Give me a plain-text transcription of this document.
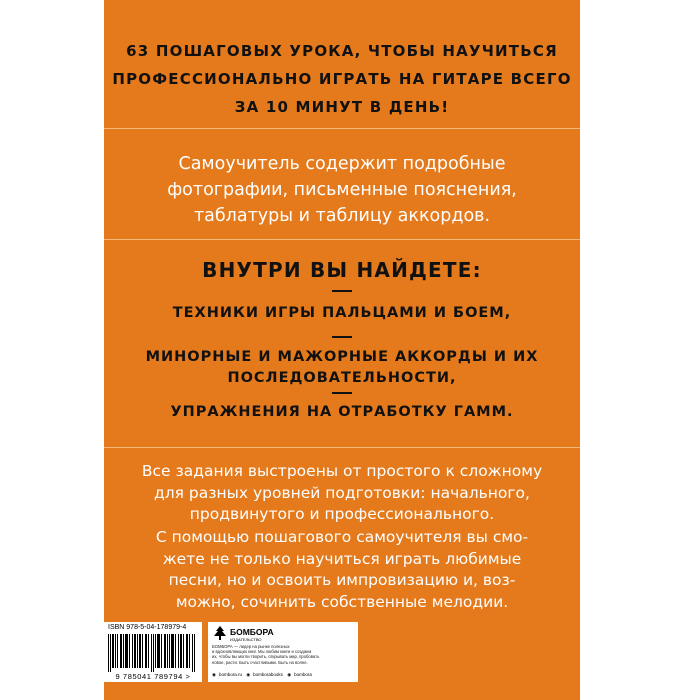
63 ПОШАГОВЫХ УРОКА, ЧТОБЫ НАУЧИТЬСЯ
ПРОФЕССИОНАЛЬНО ИГРАТЬ НА ГИТАРЕ ВСЕГО
ЗА 10 МИНУТ В ДЕНЬ!
Самоучитель содержит подробные
фотографии, письменные пояснения,
таблатуры и таблицу аккордов.
ВНУТРИ ВЫ НАЙДЕТЕ:
ТЕХНИКИ ИГРЫ ПАЛЬЦАМИ И БОЕМ,
МИНОРНЫЕ И МАЖОРНЫЕ АККОРДЫ И ИХ
ПОСЛЕДОВАТЕЛЬНОСТИ,
УПРАЖНЕНИЯ НА ОТРАБОТКУ ГАММ.
Все задания выстроены от простого к сложному
для разных уровней подготовки: начального,
продвинутого и профессионального.
С помощью пошагового самоучителя вы смо-
жете не только научиться играть любимые
песни, но и освоить импровизацию и, воз-
можно, сочинить собственные мелодии.
ISBN 978-5-04-178979-4
9 785041 789794 >
БОМБОРА
ИЗДАТЕЛЬСТВО
БОМБОРА — лидер на рынке полезных
и вдохновляющих книг. Мы любим книги и создаем
их, чтобы вы могли творить, открывать мир, пробовать
новое, расти. Быть счастливыми. Быть на волне.
◉ bombora.ru ◉ bomborabooks ◉ bombora
